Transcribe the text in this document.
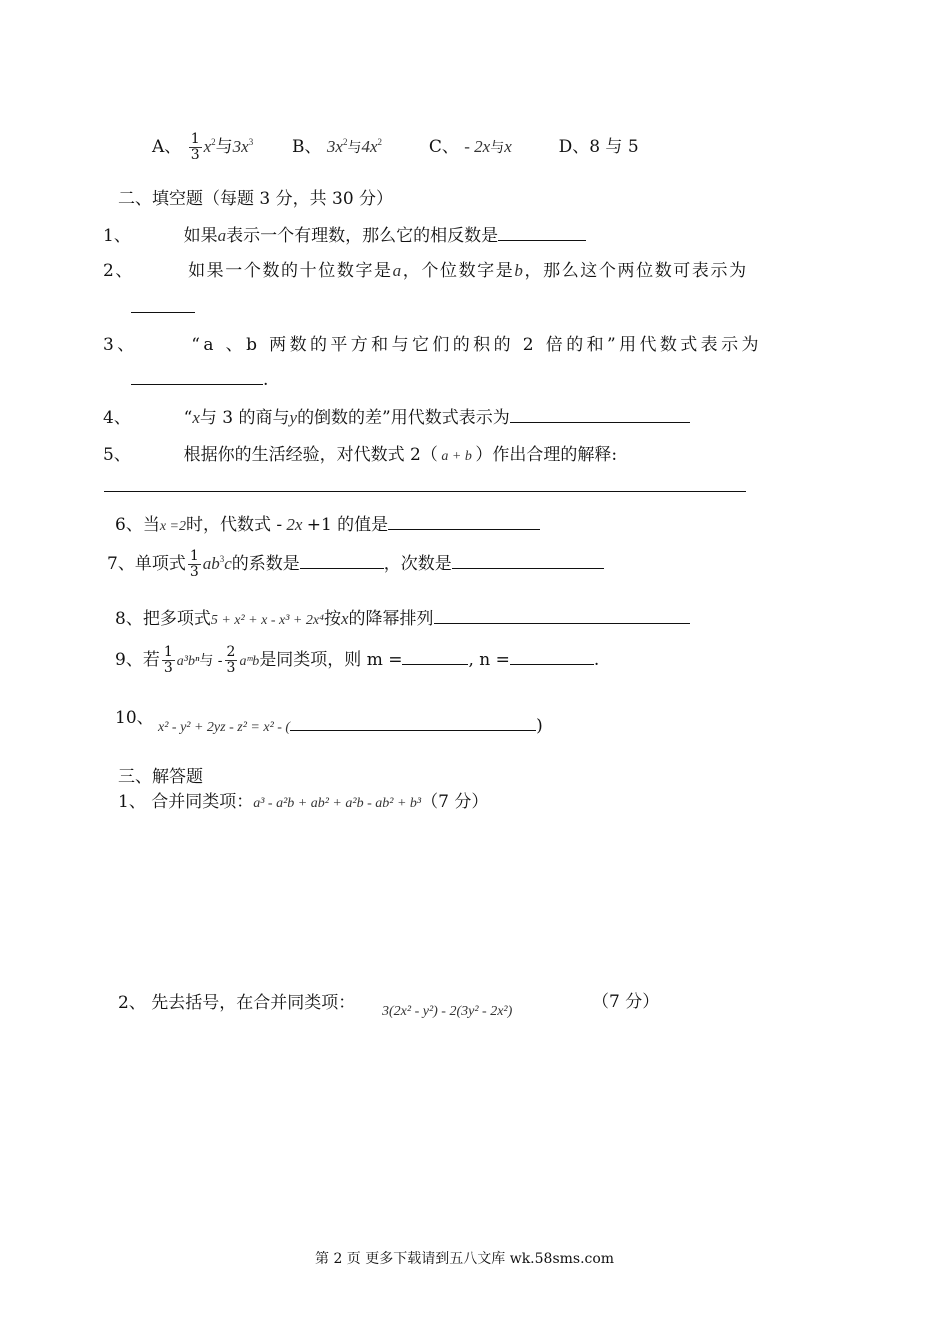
A、 $\frac{1}{3} x^2$与$3x^3$ B、 $3x^2$与$4x^2$	C、 - 2x与x	D、8 与 5
二、填空题（每题 3 分，共 30 分）
1、	如果a表示一个有理数，那么它的相反数是
2、	如果一个数的十位数字是a，个位数字是b，那么这个两位数可表示为
3、	“a 、b 两数的平方和与它们的积的 2 倍的和”用代数式表示为
.
4、	“x与 3 的商与y的倒数的差”用代数式表示为
5、	根据你的生活经验，对代数式 2（ a + b ）作出合理的解释:
6、当x =2时，代数式 - 2x +1 的值是
7、单项式 $\frac{1}{3} ab^3c$的系数是	，次数是
8、把多项式5 + x² + x - x³ + 2x⁴按x的降幂排列
9、若 $\frac{1}{3} a^3b^n$与 - $\frac{2}{3}$ aᵐb是同类项，则 m =	, n =	.
10、 x² - y² + 2yz - z² = x² - (	)
三、解答题
1、 合并同类项：a³ - a²b + ab² + a²b - ab² + b³（7 分）
2、 先去括号，在合并同类项： 3(2x² - y²) - 2(3y² - 2x²)	（7 分）
第 2 页 更多下载请到五八文库 wk.58sms.com
